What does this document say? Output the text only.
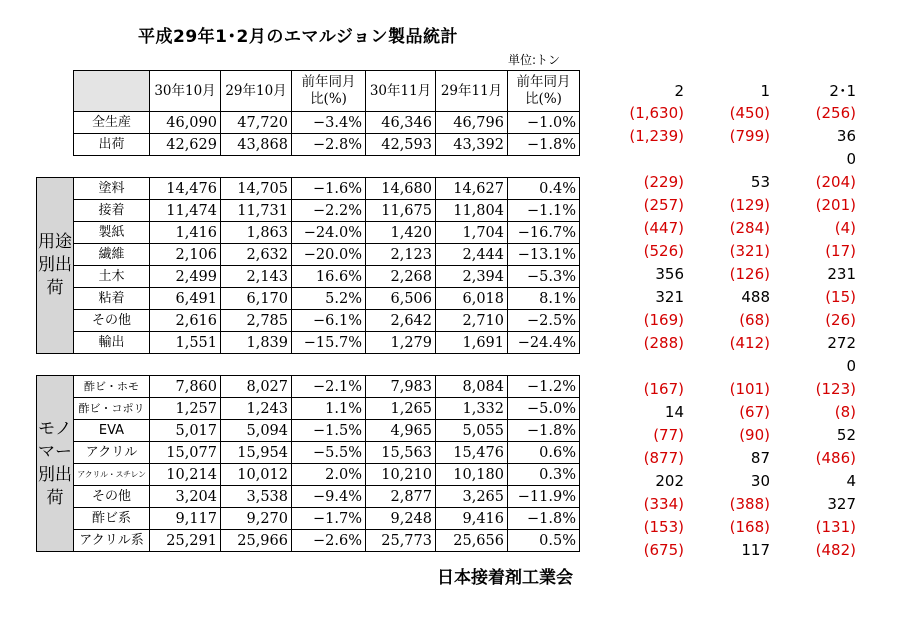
平成29年1･2月のエマルジョン製品統計
単位:トン
		30年10月	29年10月	前年同月比(%)	30年11月	29年11月	前年同月比(%)
	全生産	46,090	47,720	−3.4%	46,346	46,796	−1.0%
	出荷	42,629	43,868	−2.8%	42,593	43,392	−1.8%

用途別出荷	塗料	14,476	14,705	−1.6%	14,680	14,627	0.4%
	接着	11,474	11,731	−2.2%	11,675	11,804	−1.1%
	製紙	1,416	1,863	−24.0%	1,420	1,704	−16.7%
	繊維	2,106	2,632	−20.0%	2,123	2,444	−13.1%
	土木	2,499	2,143	16.6%	2,268	2,394	−5.3%
	粘着	6,491	6,170	5.2%	6,506	6,018	8.1%
	その他	2,616	2,785	−6.1%	2,642	2,710	−2.5%
	輸出	1,551	1,839	−15.7%	1,279	1,691	−24.4%

モノマー別出荷	酢ビ・ホモ	7,860	8,027	−2.1%	7,983	8,084	−1.2%
	酢ビ・コポリ	1,257	1,243	1.1%	1,265	1,332	−5.0%
	EVA	5,017	5,094	−1.5%	4,965	5,055	−1.8%
	アクリル	15,077	15,954	−5.5%	15,563	15,476	0.6%
	アクリル・スチレン	10,214	10,012	2.0%	10,210	10,180	0.3%
	その他	3,204	3,538	−9.4%	2,877	3,265	−11.9%
	酢ビ系	9,117	9,270	−1.7%	9,248	9,416	−1.8%
	アクリル系	25,291	25,966	−2.6%	25,773	25,656	0.5%
2	1	2･1
(1,630)	(450)	(256)
(1,239)	(799)	36
		0
(229)	53	(204)
(257)	(129)	(201)
(447)	(284)	(4)
(526)	(321)	(17)
356	(126)	231
321	488	(15)
(169)	(68)	(26)
(288)	(412)	272
		0
(167)	(101)	(123)
14	(67)	(8)
(77)	(90)	52
(877)	87	(486)
202	30	4
(334)	(388)	327
(153)	(168)	(131)
(675)	117	(482)
日本接着剤工業会
